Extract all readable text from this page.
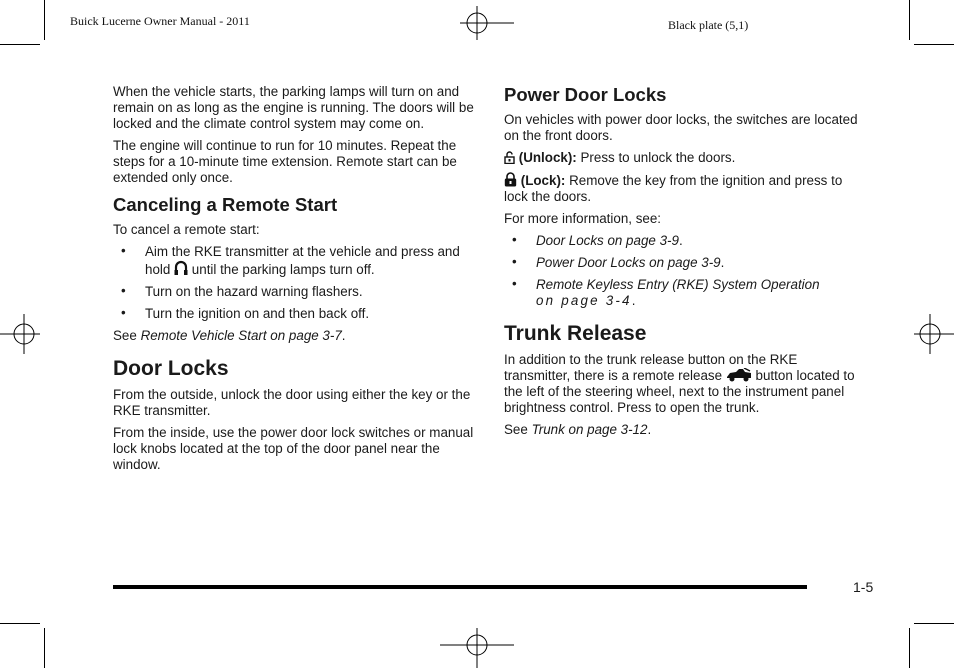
Buick Lucerne Owner Manual - 2011	Black plate (5,1)

When the vehicle starts, the parking lamps will turn on and remain on as long as the engine is running. The doors will be locked and the climate control system may come on.

The engine will continue to run for 10 minutes. Repeat the steps for a 10-minute time extension. Remote start can be extended only once.

Canceling a Remote Start

To cancel a remote start:

• Aim the RKE transmitter at the vehicle and press and hold until the parking lamps turn off.
• Turn on the hazard warning flashers.
• Turn the ignition on and then back off.

See Remote Vehicle Start on page 3-7.

Door Locks

From the outside, unlock the door using either the key or the RKE transmitter.

From the inside, use the power door lock switches or manual lock knobs located at the top of the door panel near the window.

Power Door Locks

On vehicles with power door locks, the switches are located on the front doors.

(Unlock): Press to unlock the doors.

(Lock): Remove the key from the ignition and press to lock the doors.

For more information, see:

• Door Locks on page 3-9.
• Power Door Locks on page 3-9.
• Remote Keyless Entry (RKE) System Operation
on page 3-4.
Trunk Release

In addition to the trunk release button on the RKE transmitter, there is a remote release button located to the left of the steering wheel, next to the instrument panel brightness control. Press to open the trunk.

See Trunk on page 3-12.

1-5
